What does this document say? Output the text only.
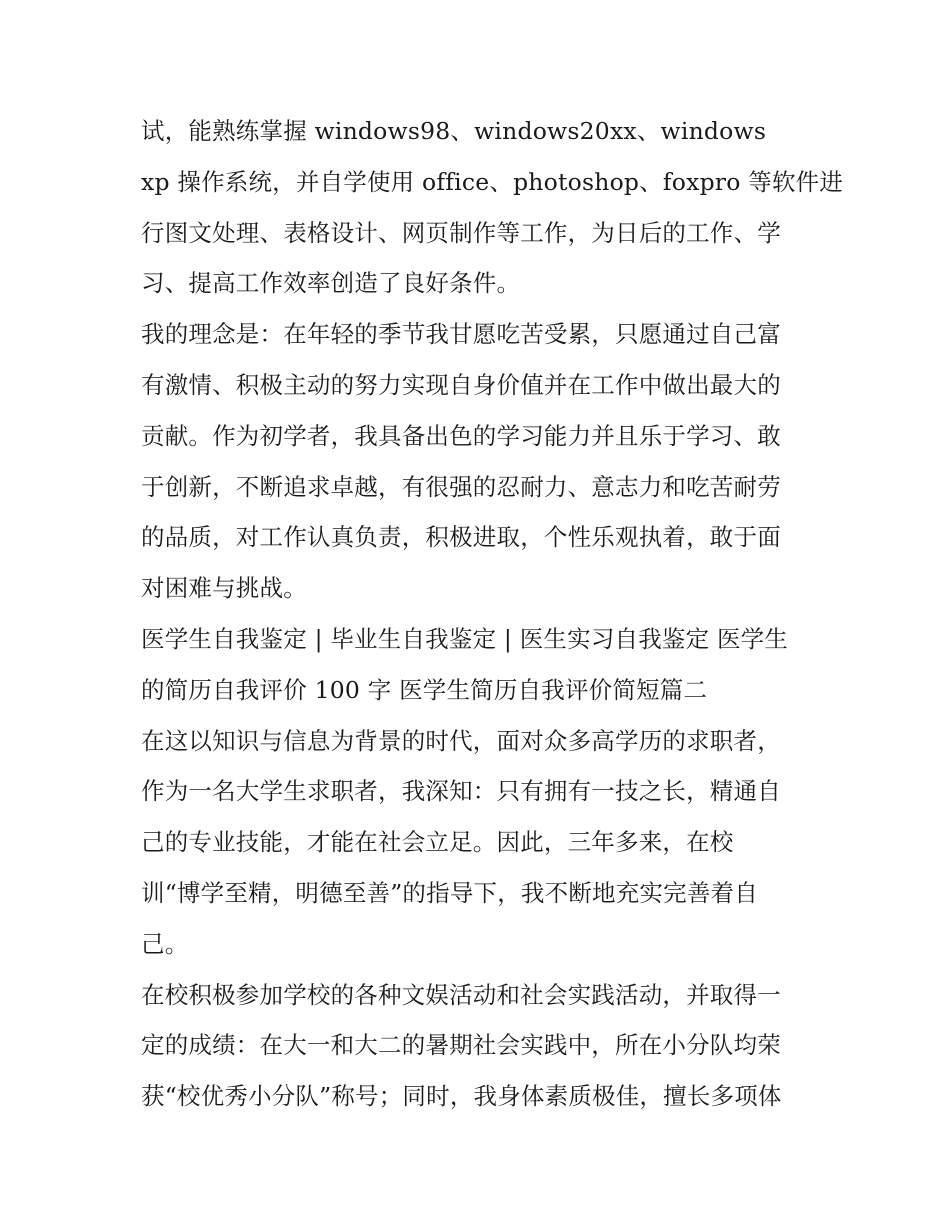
试，能熟练掌握 windows98、windows20xx、windows
xp 操作系统，并自学使用 office、photoshop、foxpro 等软件进
行图文处理、表格设计、网页制作等工作，为日后的工作、学
习、提高工作效率创造了良好条件。
我的理念是：在年轻的季节我甘愿吃苦受累，只愿通过自己富
有激情、积极主动的努力实现自身价值并在工作中做出最大的
贡献。作为初学者，我具备出色的学习能力并且乐于学习、敢
于创新，不断追求卓越，有很强的忍耐力、意志力和吃苦耐劳
的品质，对工作认真负责，积极进取，个性乐观执着，敢于面
对困难与挑战。
医学生自我鉴定 | 毕业生自我鉴定 | 医生实习自我鉴定 医学生
的简历自我评价 100 字 医学生简历自我评价简短篇二
在这以知识与信息为背景的时代，面对众多高学历的求职者，
作为一名大学生求职者，我深知：只有拥有一技之长，精通自
己的专业技能，才能在社会立足。因此，三年多来，在校
训“博学至精，明德至善”的指导下，我不断地充实完善着自
己。
在校积极参加学校的各种文娱活动和社会实践活动，并取得一
定的成绩：在大一和大二的暑期社会实践中，所在小分队均荣
获“校优秀小分队”称号；同时，我身体素质极佳，擅长多项体
